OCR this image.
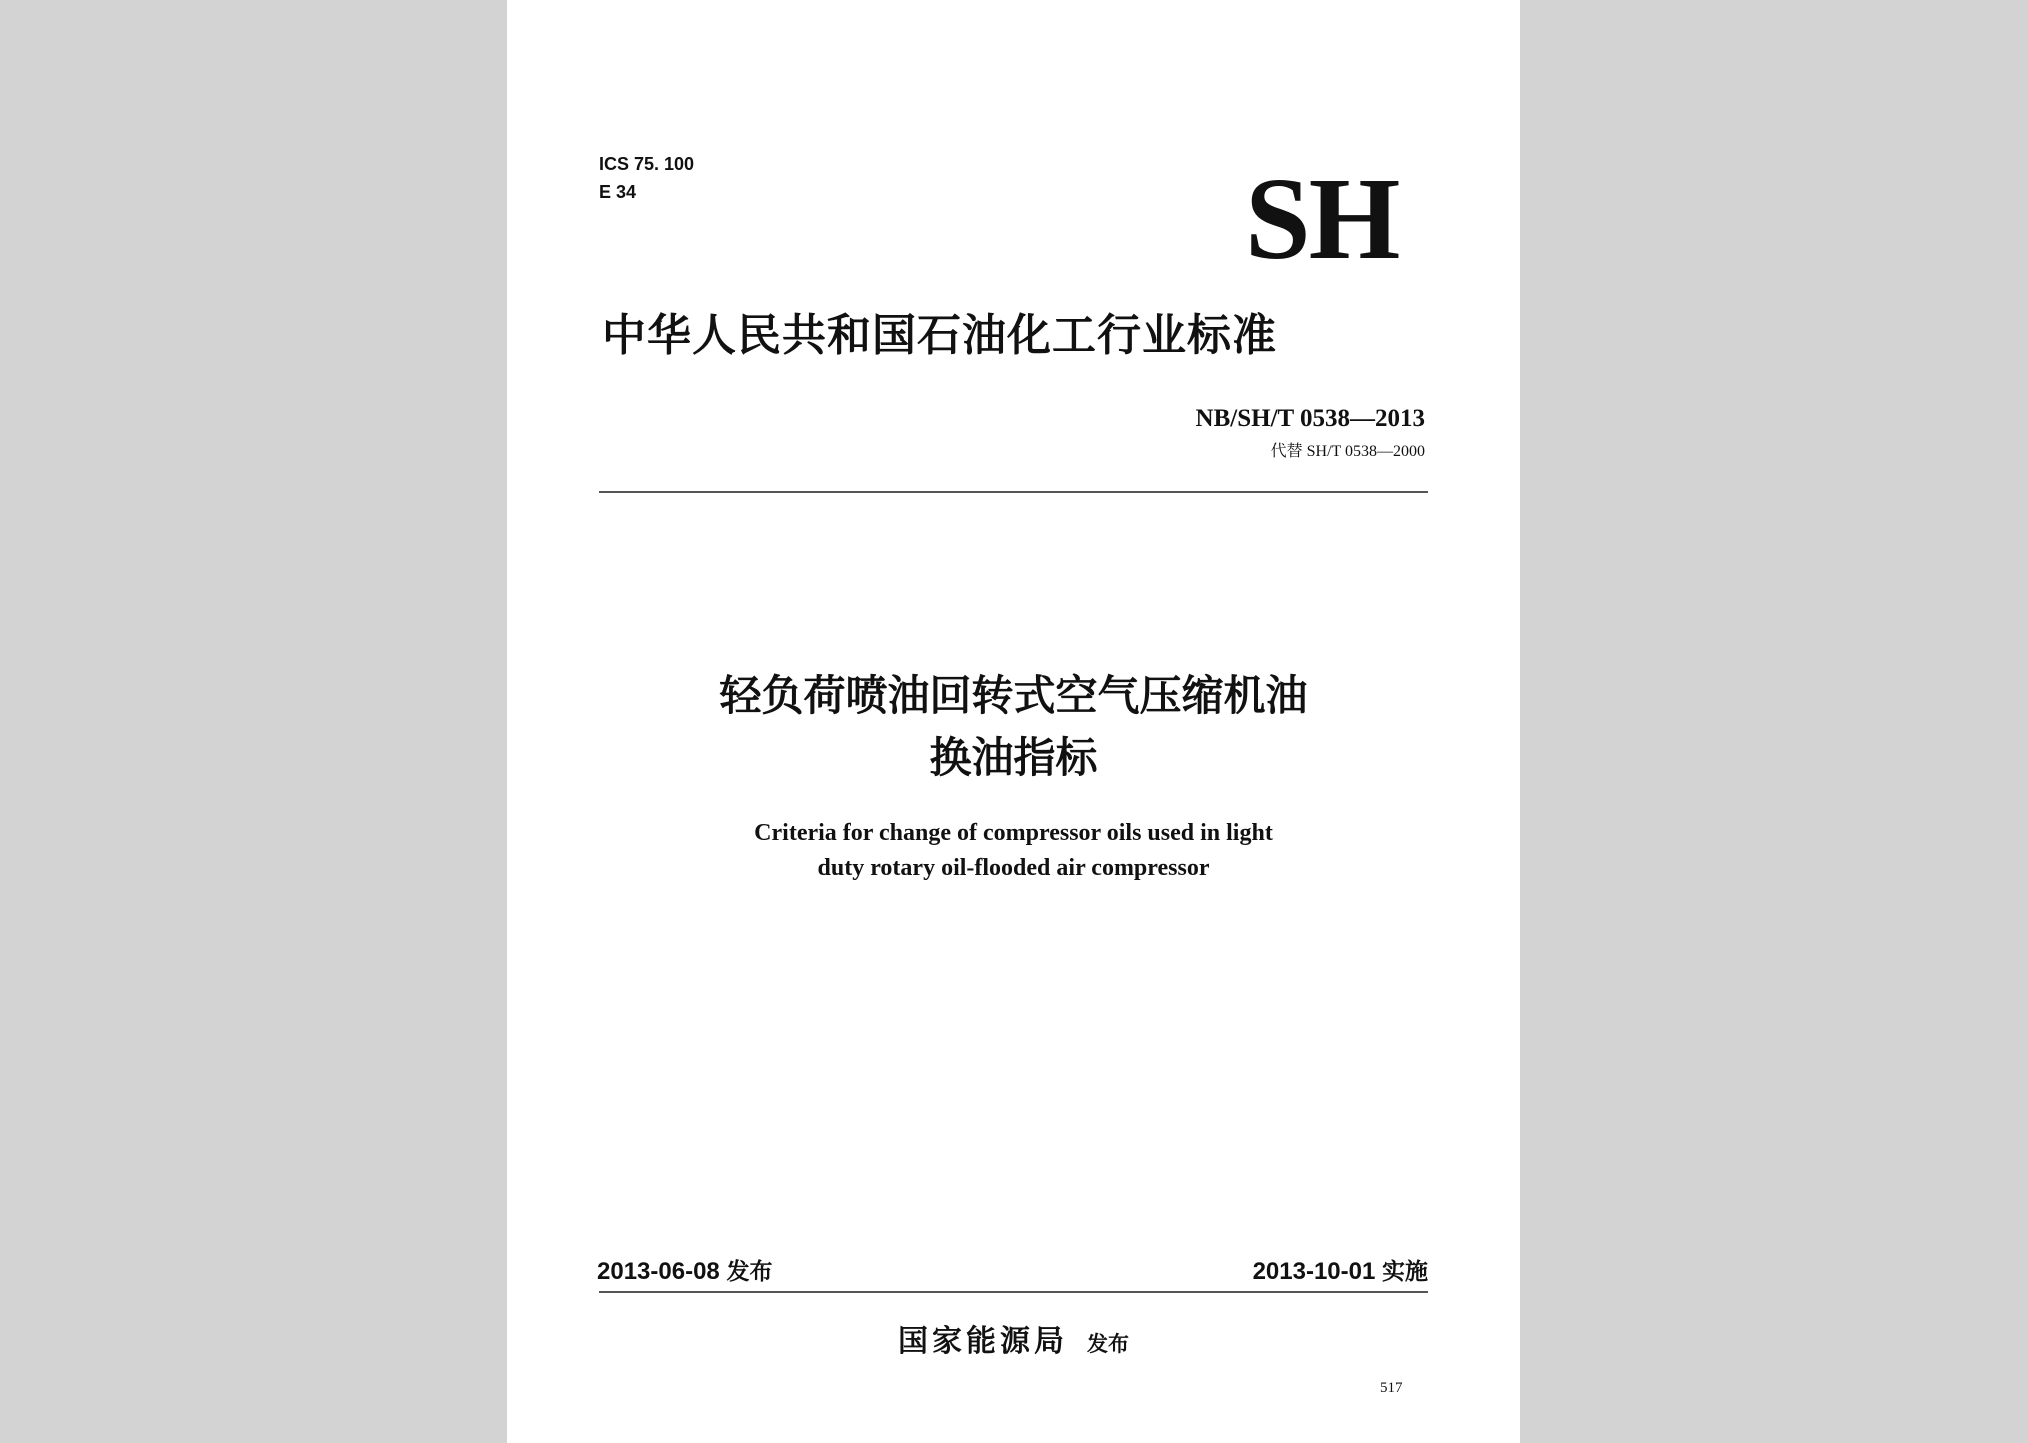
ICS 75. 100
E 34	SH
中华人民共和国石油化工行业标准
NB/SH/T 0538—2013
代替 SH/T 0538—2000
轻负荷喷油回转式空气压缩机油
换油指标
Criteria for change of compressor oils used in light
duty rotary oil-flooded air compressor
2013-06-08 发布	2013-10-01 实施
国家能源局 发布
517
